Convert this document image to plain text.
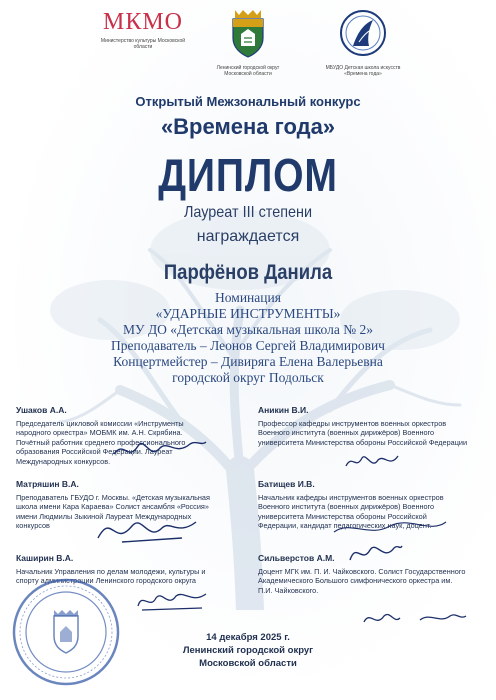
МКМО
Министерство культуры Московской области
Ленинский городской округ Московской области
МБУДО Детская школа искусств «Времена года»
Открытый Межзональный конкурс
«Времена года»
ДИПЛОМ
Лауреат III степени
награждается
Парфёнов Данила
Номинация
«УДАРНЫЕ ИНСТРУМЕНТЫ»
МУ ДО «Детская музыкальная школа № 2»
Преподаватель – Леонов Сергей Владимирович
Концертмейстер – Дивиряга Елена Валерьевна
городской округ Подольск
Ушаков А.А.
Председатель цикловой комиссии «Инструменты народного оркестра» МОБМК им. А.Н. Скрябина. Почётный работник среднего профессионального образования Российской Федерации. Лауреат Международных конкурсов.
Аникин В.И.
Профессор кафедры инструментов военных оркестров Военного института (военных дирижёров) Военного университета Министерства обороны Российской Федерации
Матряшин В.А.
Преподаватель ГБУДО г. Москвы. «Детская музыкальная школа имени Кара Караева» Солист ансамбля «Россия» имени Людмилы Зыкиной Лауреат Международных конкурсов
Батищев И.В.
Начальник кафедры инструментов военных оркестров Военного института (военных дирижёров) Военного университета Министерства обороны Российской Федерации, кандидат педагогических наук, доцент.
Каширин В.А.
Начальник Управления по делам молодежи, культуры и спорту администрации Ленинского городского округа
Сильверстов А.М.
Доцент МГК им. П. И. Чайковского. Солист Государственного Академического Большого симфонического оркестра им. П.И. Чайковского.
14 декабря 2025 г.
Ленинский городской округ
Московской области
